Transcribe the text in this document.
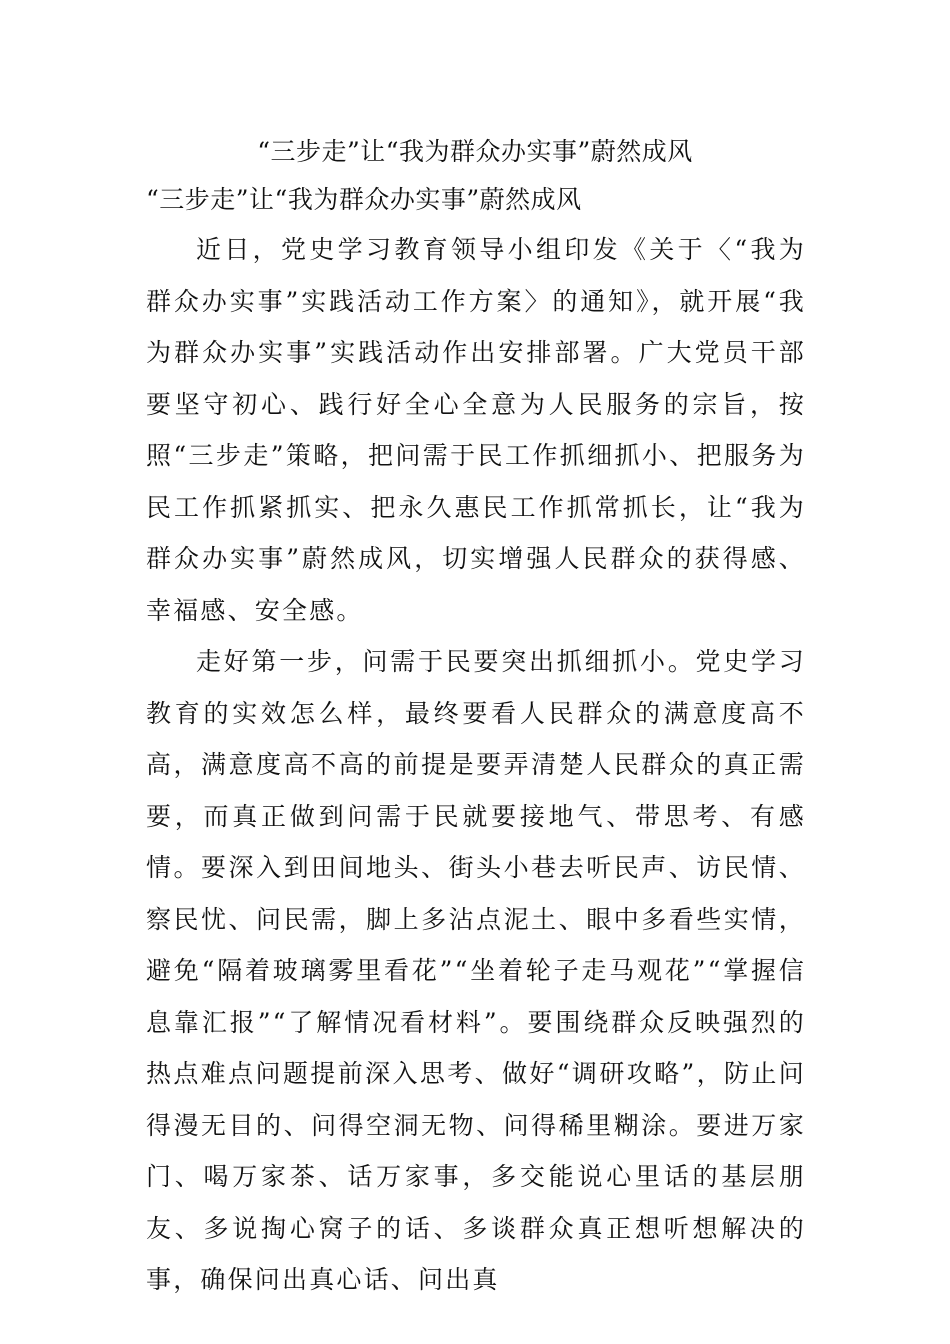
“三步走”让“我为群众办实事”蔚然成风
“三步走”让“我为群众办实事”蔚然成风

近日，党史学习教育领导小组印发《关于〈“我为群众办实事”实践活动工作方案〉的通知》，就开展“我为群众办实事”实践活动作出安排部署。广大党员干部要坚守初心、践行好全心全意为人民服务的宗旨，按照“三步走”策略，把问需于民工作抓细抓小、把服务为民工作抓紧抓实、把永久惠民工作抓常抓长，让“我为群众办实事”蔚然成风，切实增强人民群众的获得感、幸福感、安全感。

走好第一步，问需于民要突出抓细抓小。党史学习教育的实效怎么样，最终要看人民群众的满意度高不高，满意度高不高的前提是要弄清楚人民群众的真正需要，而真正做到问需于民就要接地气、带思考、有感情。要深入到田间地头、街头小巷去听民声、访民情、察民忧、问民需，脚上多沾点泥土、眼中多看些实情，避免“隔着玻璃雾里看花”“坐着轮子走马观花”“掌握信息靠汇报”“了解情况看材料”。要围绕群众反映强烈的热点难点问题提前深入思考、做好“调研攻略”，防止问得漫无目的、问得空洞无物、问得稀里糊涂。要进万家门、喝万家茶、话万家事，多交能说心里话的基层朋友、多说掏心窝子的话、多谈群众真正想听想解决的事，确保问出真心话、问出真
